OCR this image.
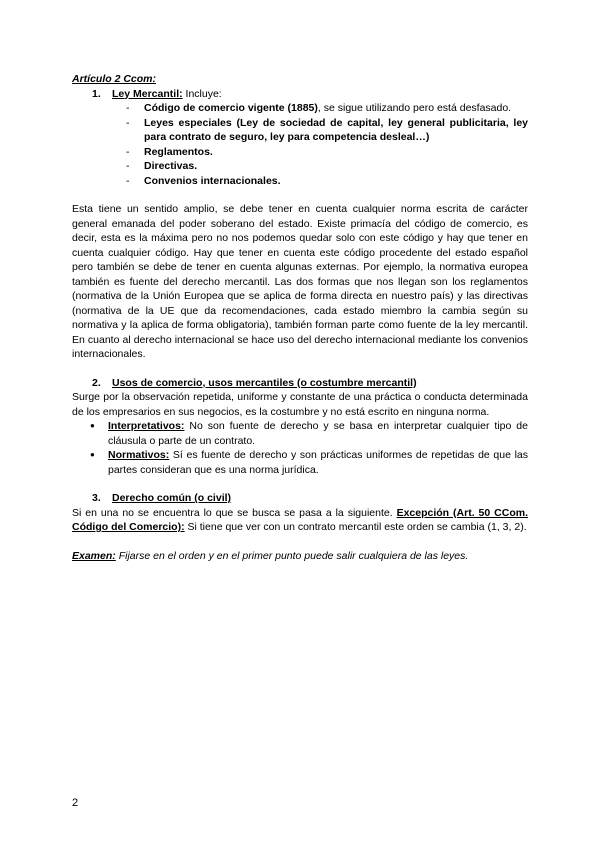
Artículo 2 Ccom:

1. Ley Mercantil: Incluye:

- Código de comercio vigente (1885), se sigue utilizando pero está desfasado.
- Leyes especiales (Ley de sociedad de capital, ley general publicitaria, ley para contrato de seguro, ley para competencia desleal…)
- Reglamentos.
- Directivas.
- Convenios internacionales.

Esta tiene un sentido amplio, se debe tener en cuenta cualquier norma escrita de carácter general emanada del poder soberano del estado. Existe primacía del código de comercio, es decir, esta es la máxima pero no nos podemos quedar solo con este código y hay que tener en cuenta cualquier código. Hay que tener en cuenta este código procedente del estado español pero también se debe de tener en cuenta algunas externas. Por ejemplo, la normativa europea también es fuente del derecho mercantil. Las dos formas que nos llegan son los reglamentos (normativa de la Unión Europea que se aplica de forma directa en nuestro país) y las directivas (normativa de la UE que da recomendaciones, cada estado miembro la cambia según su normativa y la aplica de forma obligatoria), también forman parte como fuente de la ley mercantil. En cuanto al derecho internacional se hace uso del derecho internacional mediante los convenios internacionales.

2. Usos de comercio, usos mercantiles (o costumbre mercantil)

Surge por la observación repetida, uniforme y constante de una práctica o conducta determinada de los empresarios en sus negocios, es la costumbre y no está escrito en ninguna norma.

● Interpretativos: No son fuente de derecho y se basa en interpretar cualquier tipo de cláusula o parte de un contrato.
● Normativos: Sí es fuente de derecho y son prácticas uniformes de repetidas de que las partes consideran que es una norma jurídica.

3. Derecho común (o civil)

Si en una no se encuentra lo que se busca se pasa a la siguiente. Excepción (Art. 50 CCom. Código del Comercio): Si tiene que ver con un contrato mercantil este orden se cambia (1, 3, 2).

Examen: Fijarse en el orden y en el primer punto puede salir cualquiera de las leyes.

2
